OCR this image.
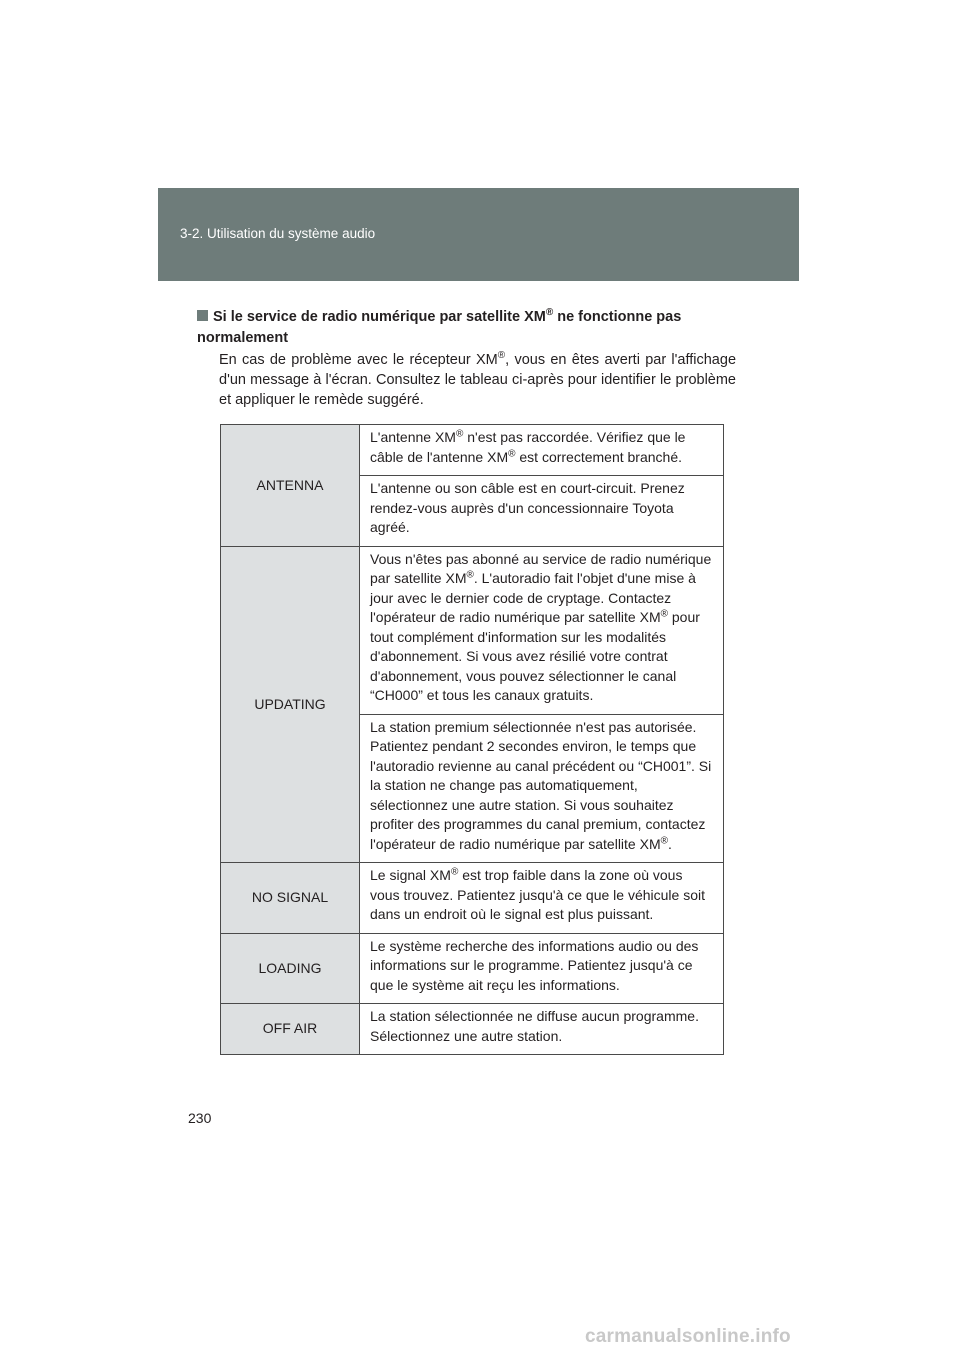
3-2. Utilisation du système audio
Si le service de radio numérique par satellite XM® ne fonctionne pas normalement

En cas de problème avec le récepteur XM®, vous en êtes averti par l'affichage d'un message à l'écran. Consultez le tableau ci-après pour identifier le problème et appliquer le remède suggéré.

ANTENNA	L'antenne XM® n'est pas raccordée. Vérifiez que le câble de l'antenne XM® est correctement branché.
	L'antenne ou son câble est en court-circuit. Prenez rendez-vous auprès d'un concessionnaire Toyota agréé.
UPDATING	Vous n'êtes pas abonné au service de radio numérique par satellite XM®. L'autoradio fait l'objet d'une mise à jour avec le dernier code de cryptage. Contactez l'opérateur de radio numérique par satellite XM® pour tout complément d'information sur les modalités d'abonnement. Si vous avez résilié votre contrat d'abonnement, vous pouvez sélectionner le canal “CH000” et tous les canaux gratuits.
	La station premium sélectionnée n'est pas autorisée. Patientez pendant 2 secondes environ, le temps que l'autoradio revienne au canal précédent ou “CH001”. Si la station ne change pas automatiquement, sélectionnez une autre station. Si vous souhaitez profiter des programmes du canal premium, contactez l'opérateur de radio numérique par satellite XM®.
NO SIGNAL	Le signal XM® est trop faible dans la zone où vous vous trouvez. Patientez jusqu'à ce que le véhicule soit dans un endroit où le signal est plus puissant.
LOADING	Le système recherche des informations audio ou des informations sur le programme. Patientez jusqu'à ce que le système ait reçu les informations.
OFF AIR	La station sélectionnée ne diffuse aucun programme. Sélectionnez une autre station.
230
carmanualsonline.info
